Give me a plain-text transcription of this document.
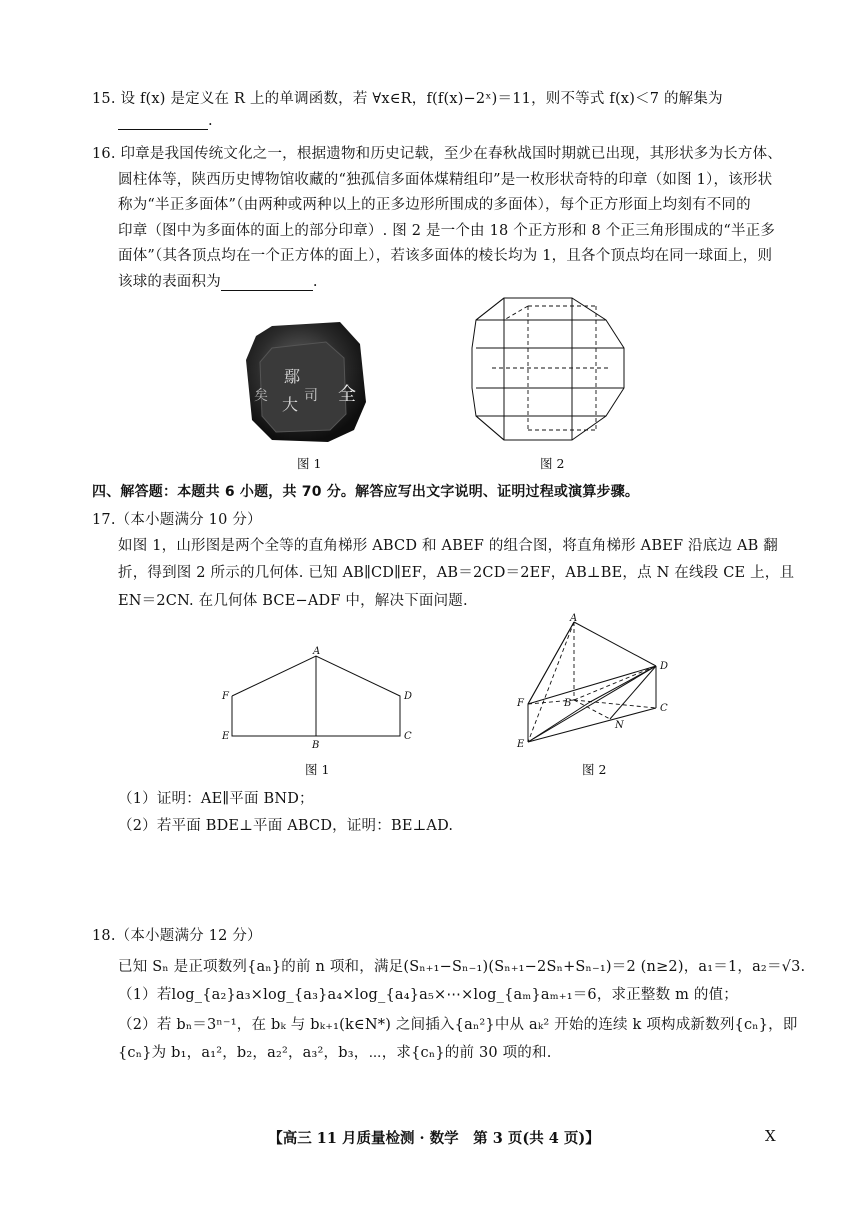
15. 设 f(x) 是定义在 R 上的单调函数，若 ∀x∈R，f(f(x)−2ˣ)＝11，则不等式 f(x)＜7 的解集为
.
16. 印章是我国传统文化之一，根据遗物和历史记载，至少在春秋战国时期就已出现，其形状多为长方体、
圆柱体等，陕西历史博物馆收藏的“独孤信多面体煤精组印”是一枚形状奇特的印章（如图 1），该形状
称为“半正多面体”（由两种或两种以上的正多边形所围成的多面体），每个正方形面上均刻有不同的
印章（图中为多面体的面上的部分印章）. 图 2 是一个由 18 个正方形和 8 个正三角形围成的“半正多
面体”（其各顶点均在一个正方体的面上），若该多面体的棱长均为 1，且各个顶点均在同一球面上，则
该球的表面积为	.
鄢
大 司 全
矣
图 1	图 2
四、解答题：本题共 6 小题，共 70 分。解答应写出文字说明、证明过程或演算步骤。
17.（本小题满分 10 分）
如图 1，山形图是两个全等的直角梯形 ABCD 和 ABEF 的组合图，将直角梯形 ABEF 沿底边 AB 翻
折，得到图 2 所示的几何体. 已知 AB∥CD∥EF，AB＝2CD＝2EF，AB⊥BE，点 N 在线段 CE 上，且
EN＝2CN. 在几何体 BCE−ADF 中，解决下面问题.
A
F	D
E
B
C
图 1
A
D
F	B	C
N
E
图 2
（1）证明：AE∥平面 BND；
（2）若平面 BDE⊥平面 ABCD，证明：BE⊥AD.
18.（本小题满分 12 分）
已知 Sₙ 是正项数列{aₙ}的前 n 项和，满足(Sₙ₊₁−Sₙ₋₁)(Sₙ₊₁−2Sₙ+Sₙ₋₁)＝2 (n≥2)，a₁＝1，a₂＝√3.
（1）若log_{a₂}a₃×log_{a₃}a₄×log_{a₄}a₅×⋯×log_{aₘ}aₘ₊₁＝6，求正整数 m 的值；
（2）若 bₙ＝3ⁿ⁻¹，在 bₖ 与 bₖ₊₁(k∈N*) 之间插入{aₙ²}中从 aₖ² 开始的连续 k 项构成新数列{cₙ}，即
{cₙ}为 b₁，a₁²，b₂，a₂²，a₃²，b₃，⋯，求{cₙ}的前 30 项的和.
【高三 11 月质量检测 · 数学　第 3 页(共 4 页)】	X
